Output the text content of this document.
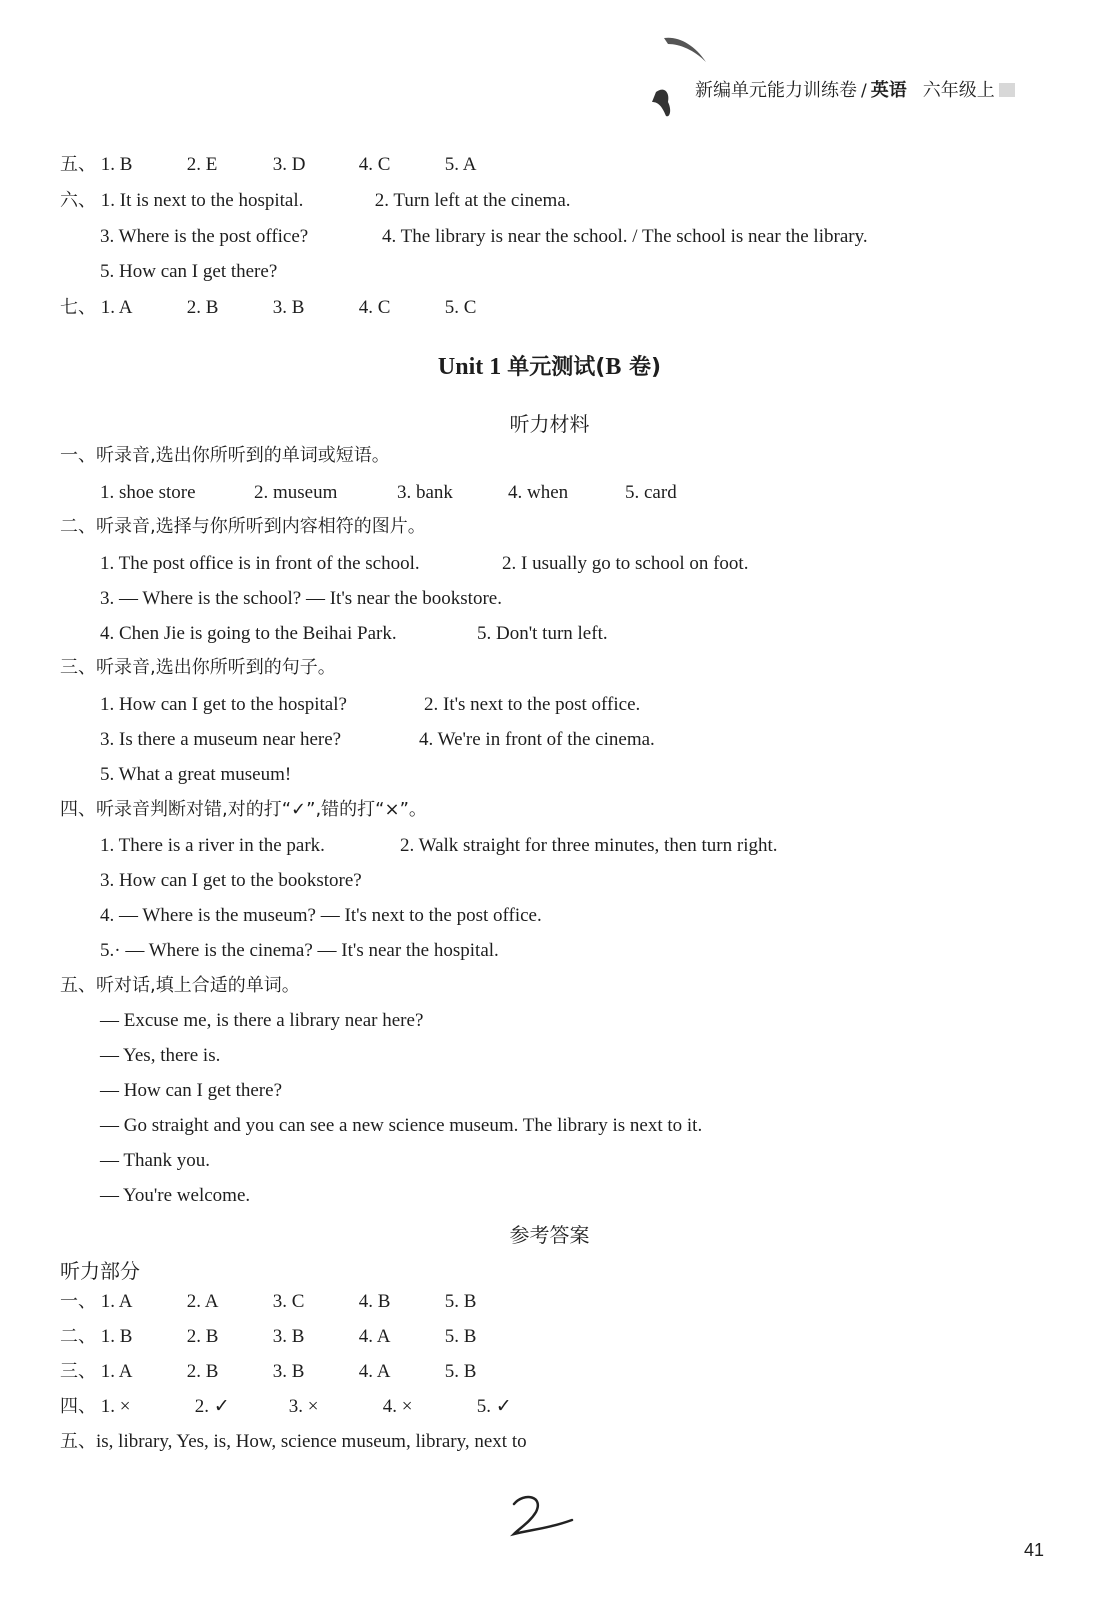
新编单元能力训练卷 / 英语 六年级上
五、 1. B	2. E	3. D	4. C	5. A
六、 1. It is next to the hospital.	2. Turn left at the cinema.
3. Where is the post office?	4. The library is near the school. / The school is near the library.
5. How can I get there?
七、 1. A	2. B	3. B	4. C	5. C
Unit 1 单元测试(B 卷)
听力材料
一、听录音,选出你所听到的单词或短语。
1. shoe store	2. museum	3. bank	4. when	5. card
二、听录音,选择与你所听到内容相符的图片。
1. The post office is in front of the school.	2. I usually go to school on foot.
3. — Where is the school? — It's near the bookstore.
4. Chen Jie is going to the Beihai Park.	5. Don't turn left.
三、听录音,选出你所听到的句子。
1. How can I get to the hospital?	2. It's next to the post office.
3. Is there a museum near here?	4. We're in front of the cinema.
5. What a great museum!
四、听录音判断对错,对的打“✓”,错的打“×”。
1. There is a river in the park.	2. Walk straight for three minutes, then turn right.
3. How can I get to the bookstore?
4. — Where is the museum? — It's next to the post office.
5.· — Where is the cinema? — It's near the hospital.
五、听对话,填上合适的单词。
— Excuse me, is there a library near here?
— Yes, there is.
— How can I get there?
— Go straight and you can see a new science museum. The library is next to it.
— Thank you.
— You're welcome.
参考答案
听力部分
一、 1. A	2. A	3. C	4. B	5. B
二、 1. B	2. B	3. B	4. A	5. B
三、 1. A	2. B	3. B	4. A	5. B
四、 1. ×	2. ✓	3. ×	4. ×	5. ✓
五、is, library, Yes, is, How, science museum, library, next to
41
